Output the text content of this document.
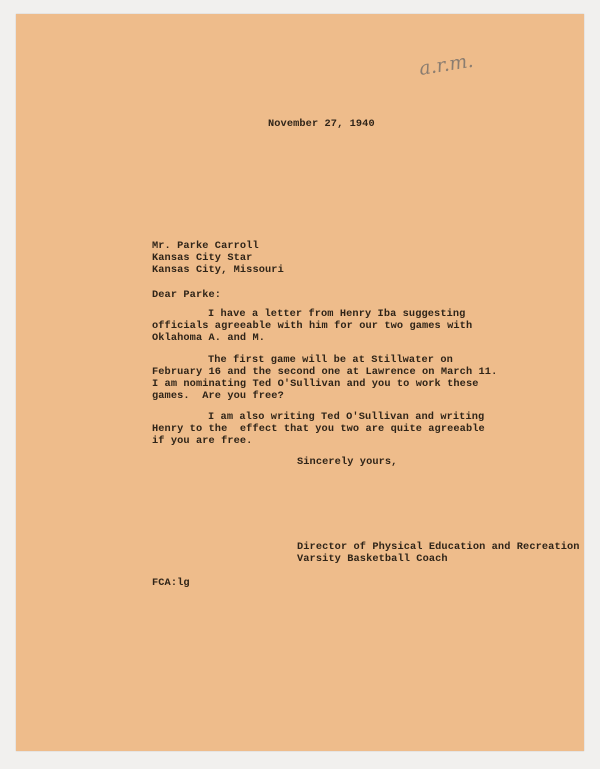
a.r.m.

November 27, 1940

Mr. Parke Carroll

Kansas City Star

Kansas City, Missouri

Dear Parke:

I have a letter from Henry Iba suggesting

officials agreeable with him for our two games with

Oklahoma A. and M.

The first game will be at Stillwater on

February 16 and the second one at Lawrence on March 11.

I am nominating Ted O'Sullivan and you to work these

games.  Are you free?

I am also writing Ted O'Sullivan and writing

Henry to the  effect that you two are quite agreeable

if you are free.

Sincerely yours,

Director of Physical Education and Recreation

Varsity Basketball Coach

FCA:lg
